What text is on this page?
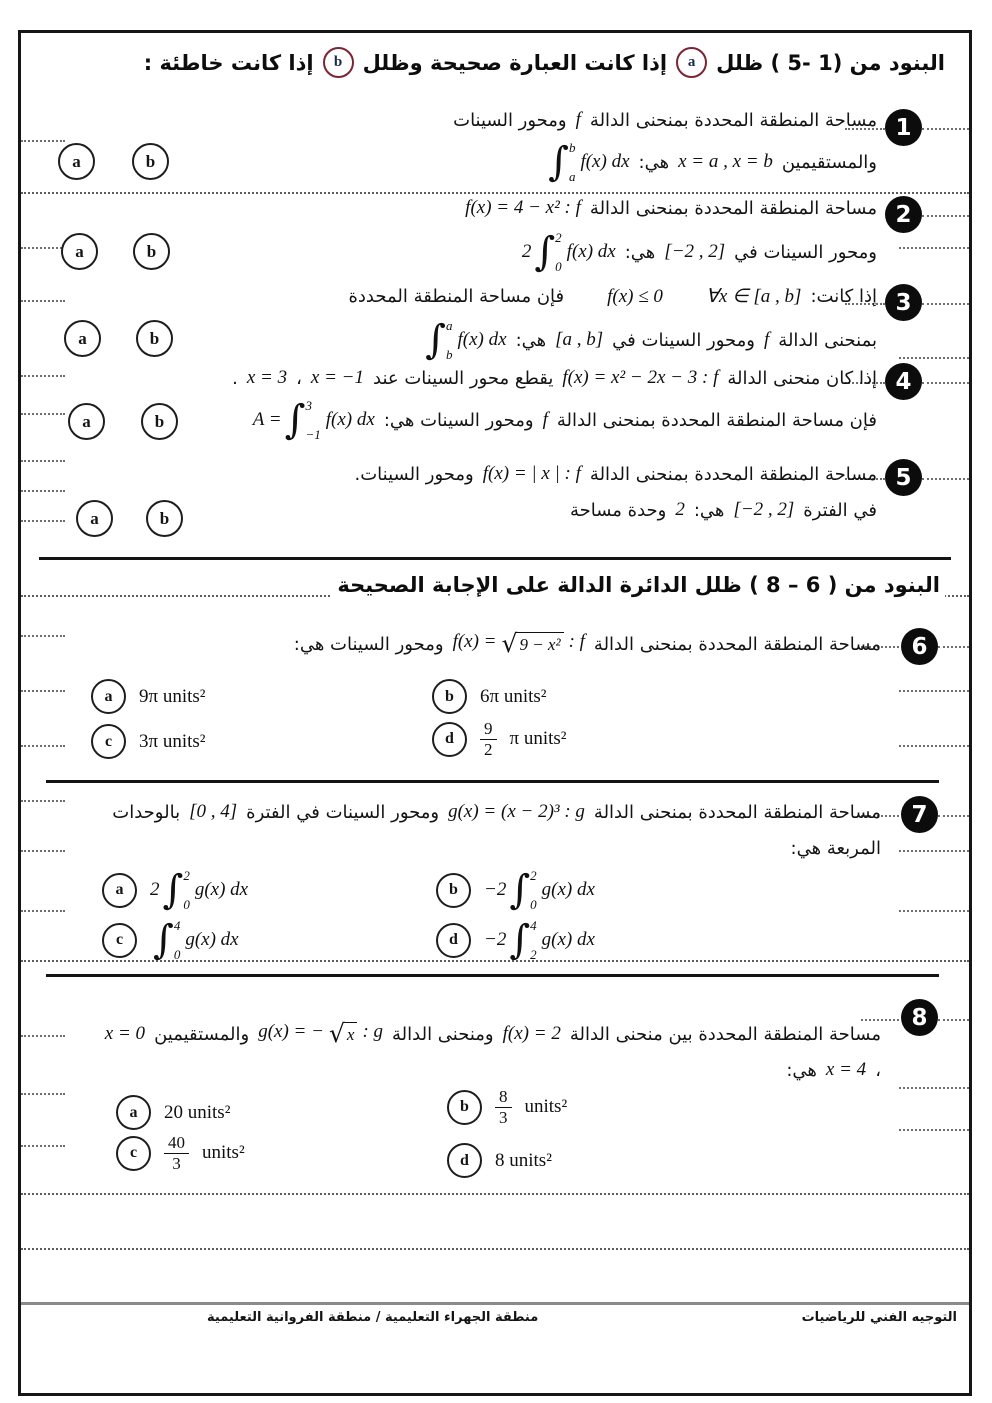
البنود من (1 -5 ) ظلل
a
إذا كانت العبارة صحيحة وظلل
b
إذا كانت خاطئة :
1
مساحة المنطقة المحددة بمنحنى الدالة
f
ومحور السينات
والمستقيمين
x = a , x = b
هي:
∫ b
a
f(x) dx
a	b
2
مساحة المنطقة المحددة بمنحنى الدالة
f(x) = 4 − x² : f
ومحور السينات في
[−2 , 2]
هي:
2 ∫ 2
0
f(x) dx
a	b
3
إذا كانت:
∀x ∈ [a , b]
f(x) ≤ 0
فإن مساحة المنطقة المحددة
بمنحنى الدالة
f
ومحور السينات في
[a , b]
هي:
∫ a
b
f(x) dx
a	b
4
إذا كان منحنى الدالة
f(x) = x² − 2x − 3 : f
يقطع محور السينات عند
x = −1
،
x = 3
.
فإن مساحة المنطقة المحددة بمنحنى الدالة
f
ومحور السينات هي:
A = ∫ 3
−1
f(x) dx
a	b
5
مساحة المنطقة المحددة بمنحنى الدالة
f(x) = | x | : f
ومحور السينات.
في الفترة
[−2 , 2]
هي:
2
وحدة مساحة
a	b
البنود من ( 6 – 8 ) ظلل الدائرة الدالة على الإجابة الصحيحة
6
مساحة المنطقة المحددة بمنحنى الدالة
f(x) = √ 9 − x² : f
ومحور السينات هي:
a	9π units²	b	6π units²
c	3π units²	d	$\frac{9}{2}$ π units²
7
مساحة المنطقة المحددة بمنحنى الدالة
g(x) = (x − 2)³ : g
ومحور السينات في الفترة
[0 , 4]
بالوحدات
المربعة هي:
a	2 ∫ 2
0
g(x) dx	b	−2 ∫ 2
0
g(x) dx
c ∫ 4
0
g(x) dx	d	−2 ∫ 4
2
g(x) dx
8
مساحة المنطقة المحددة بين منحنى الدالة
f(x) = 2
ومنحنى الدالة
g(x) = − √ x : g
والمستقيمين
x = 0
،
x = 4
هي:
a	20 units²	b	$\frac{8}{3}$ units²
c	$\frac{40}{3}$ units²	d	8 units²
منطقة الجهراء التعليمية / منطقة الفروانية التعليمية	التوجيه الفني للرياضيات
